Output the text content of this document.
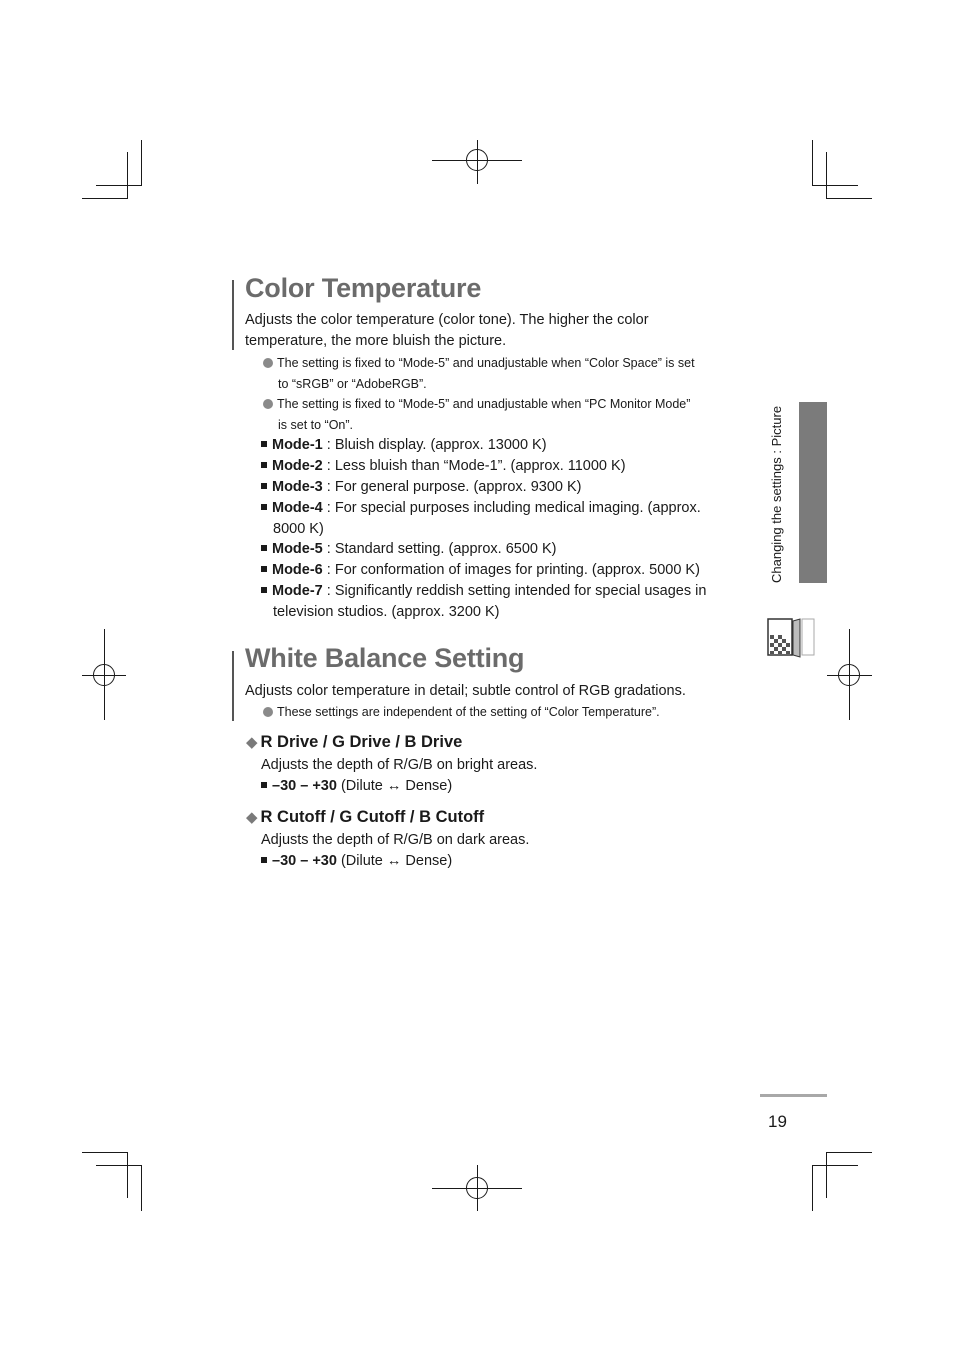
Color Temperature
Adjusts the color temperature (color tone). The higher the color
temperature, the more bluish the picture.
The setting is fixed to “Mode-5” and unadjustable when “Color Space” is set
to “sRGB” or “AdobeRGB”.
The setting is fixed to “Mode-5” and unadjustable when “PC Monitor Mode”
is set to “On”.
Mode-1 : Bluish display. (approx. 13000 K)
Mode-2 : Less bluish than “Mode-1”. (approx. 11000 K)
Mode-3 : For general purpose. (approx. 9300 K)
Mode-4 : For special purposes including medical imaging. (approx.
8000 K)
Mode-5 : Standard setting. (approx. 6500 K)
Mode-6 : For conformation of images for printing. (approx. 5000 K)
Mode-7 : Significantly reddish setting intended for special usages in
television studios. (approx. 3200 K)
White Balance Setting
Adjusts color temperature in detail; subtle control of RGB gradations.
These settings are independent of the setting of “Color Temperature”.
◆ R Drive / G Drive / B Drive
Adjusts the depth of R/G/B on bright areas.
–30 – +30 (Dilute ↔ Dense)
◆ R Cutoff / G Cutoff / B Cutoff
Adjusts the depth of R/G/B on dark areas.
–30 – +30 (Dilute ↔ Dense)
Changing the settings : Picture
19
